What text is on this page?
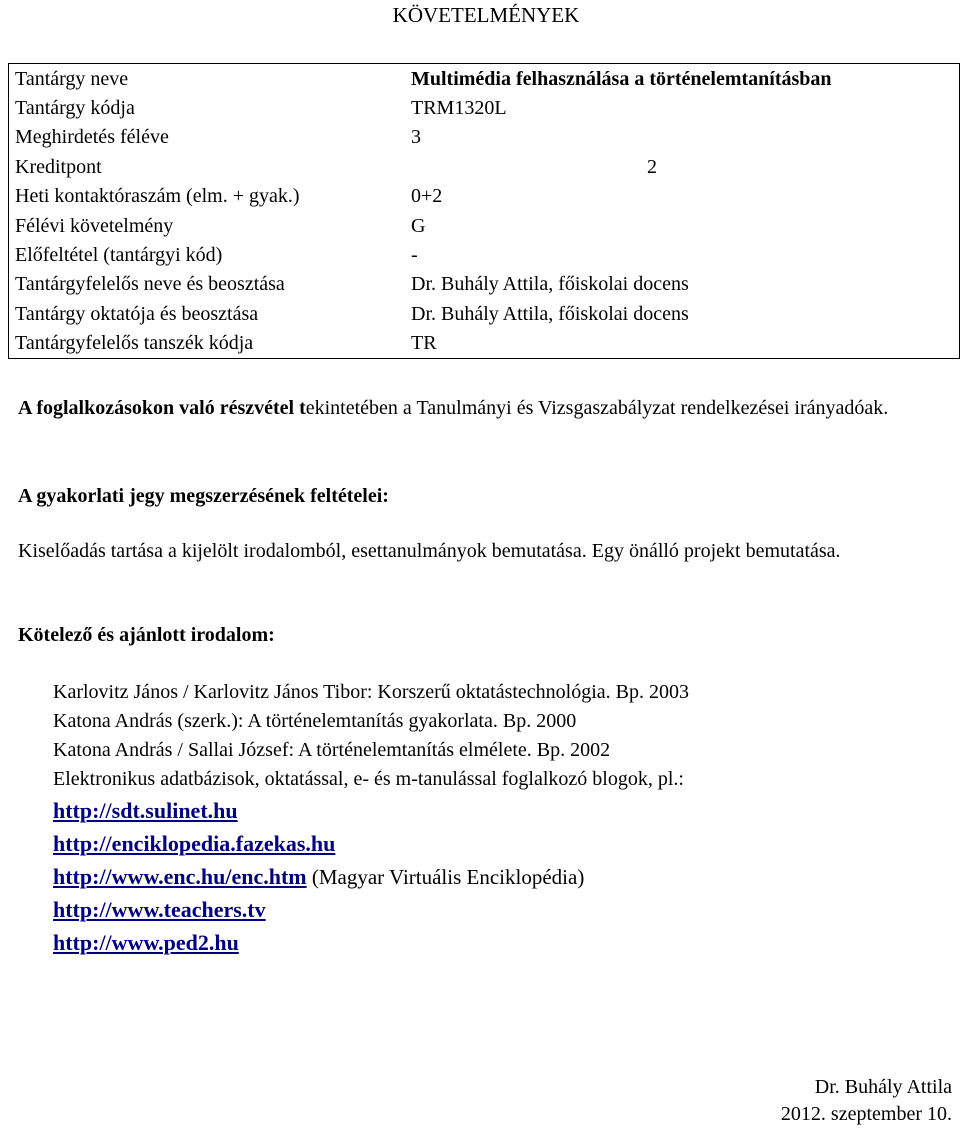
KÖVETELMÉNYEK
Tantárgy neve	Multimédia felhasználása a történelemtanításban
Tantárgy kódja	TRM1320L
Meghirdetés féléve	3
Kreditpont	2
Heti kontaktóraszám (elm. + gyak.)	0+2
Félévi követelmény	G
Előfeltétel (tantárgyi kód)	-
Tantárgyfelelős neve és beosztása	Dr. Buhály Attila, főiskolai docens
Tantárgy oktatója és beosztása	Dr. Buhály Attila, főiskolai docens
Tantárgyfelelős tanszék kódja	TR
A foglalkozásokon való részvétel tekintetében a Tanulmányi és Vizsgaszabályzat rendelkezései irányadóak.
A gyakorlati jegy megszerzésének feltételei:
Kiselőadás tartása a kijelölt irodalomból, esettanulmányok bemutatása. Egy önálló projekt bemutatása.
Kötelező és ajánlott irodalom:
Karlovitz János / Karlovitz János Tibor: Korszerű oktatástechnológia. Bp. 2003
Katona András (szerk.): A történelemtanítás gyakorlata. Bp. 2000
Katona András / Sallai József: A történelemtanítás elmélete. Bp. 2002
Elektronikus adatbázisok, oktatással, e- és m-tanulással foglalkozó blogok, pl.:
http://sdt.sulinet.hu
http://enciklopedia.fazekas.hu
http://www.enc.hu/enc.htm (Magyar Virtuális Enciklopédia)
http://www.teachers.tv
http://www.ped2.hu
Dr. Buhály Attila
2012. szeptember 10.
